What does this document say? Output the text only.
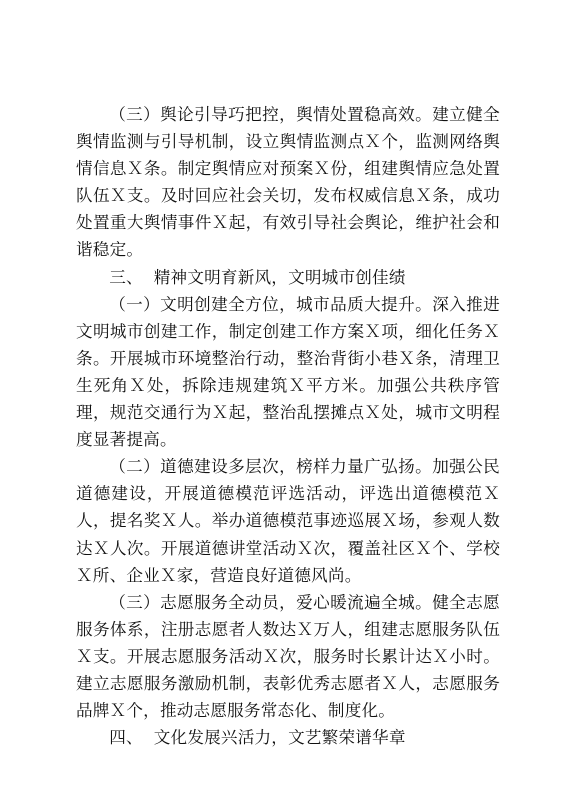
（三）舆论引导巧把控，舆情处置稳高效。建立健全舆情监测与引导机制，设立舆情监测点Ｘ个，监测网络舆情信息Ｘ条。制定舆情应对预案Ｘ份，组建舆情应急处置队伍Ｘ支。及时回应社会关切，发布权威信息Ｘ条，成功处置重大舆情事件Ｘ起，有效引导社会舆论，维护社会和谐稳定。

三、 精神文明育新风，文明城市创佳绩

（一）文明创建全方位，城市品质大提升。深入推进文明城市创建工作，制定创建工作方案Ｘ项，细化任务Ｘ条。开展城市环境整治行动，整治背街小巷Ｘ条，清理卫生死角Ｘ处，拆除违规建筑Ｘ平方米。加强公共秩序管理，规范交通行为Ｘ起，整治乱摆摊点Ｘ处，城市文明程度显著提高。

（二）道德建设多层次，榜样力量广弘扬。加强公民道德建设，开展道德模范评选活动，评选出道德模范Ｘ人，提名奖Ｘ人。举办道德模范事迹巡展Ｘ场，参观人数达Ｘ人次。开展道德讲堂活动Ｘ次，覆盖社区Ｘ个、学校Ｘ所、企业Ｘ家，营造良好道德风尚。

（三）志愿服务全动员，爱心暖流遍全城。健全志愿服务体系，注册志愿者人数达Ｘ万人，组建志愿服务队伍Ｘ支。开展志愿服务活动Ｘ次，服务时长累计达Ｘ小时。建立志愿服务激励机制，表彰优秀志愿者Ｘ人，志愿服务品牌Ｘ个，推动志愿服务常态化、制度化。

四、 文化发展兴活力，文艺繁荣谱华章
